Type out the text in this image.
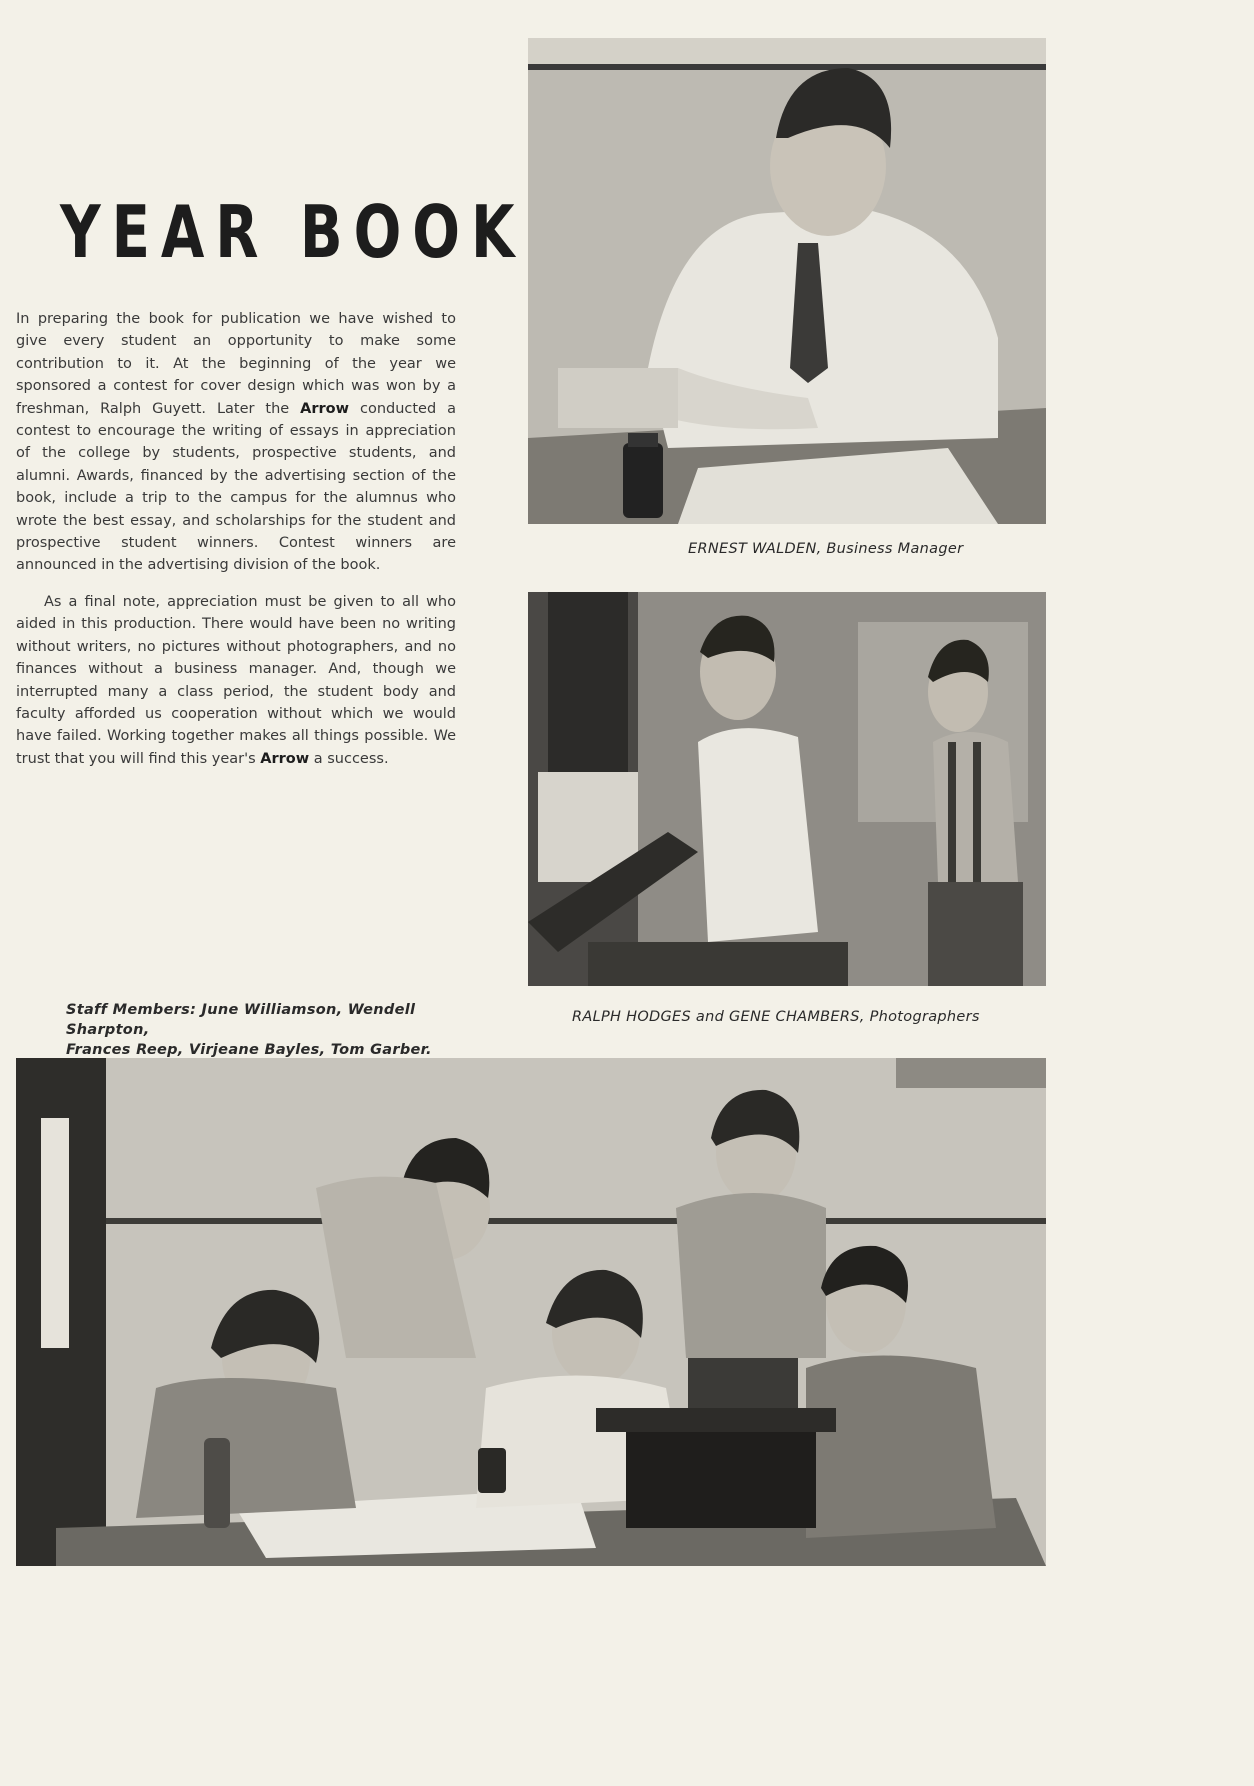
YEAR BOOK

In preparing the book for publication we have wished to give every student an opportunity to make some contribution to it. At the beginning of the year we sponsored a contest for cover design which was won by a freshman, Ralph Guyett. Later the Arrow conducted a contest to encourage the writing of essays in appreciation of the college by students, prospective students, and alumni. Awards, financed by the advertising section of the book, include a trip to the campus for the alumnus who wrote the best essay, and scholarships for the student and prospective student winners. Contest winners are announced in the advertising division of the book.

As a final note, appreciation must be given to all who aided in this production. There would have been no writing without writers, no pictures without photographers, and no finances without a business manager. And, though we interrupted many a class period, the student body and faculty afforded us cooperation without which we would have failed. Working together makes all things possible. We trust that you will find this year's Arrow a success.

ERNEST WALDEN, Business Manager

RALPH HODGES and GENE CHAMBERS, Photographers

Staff Members: June Williamson, Wendell Sharpton,
Frances Reep, Virjeane Bayles, Tom Garber.
